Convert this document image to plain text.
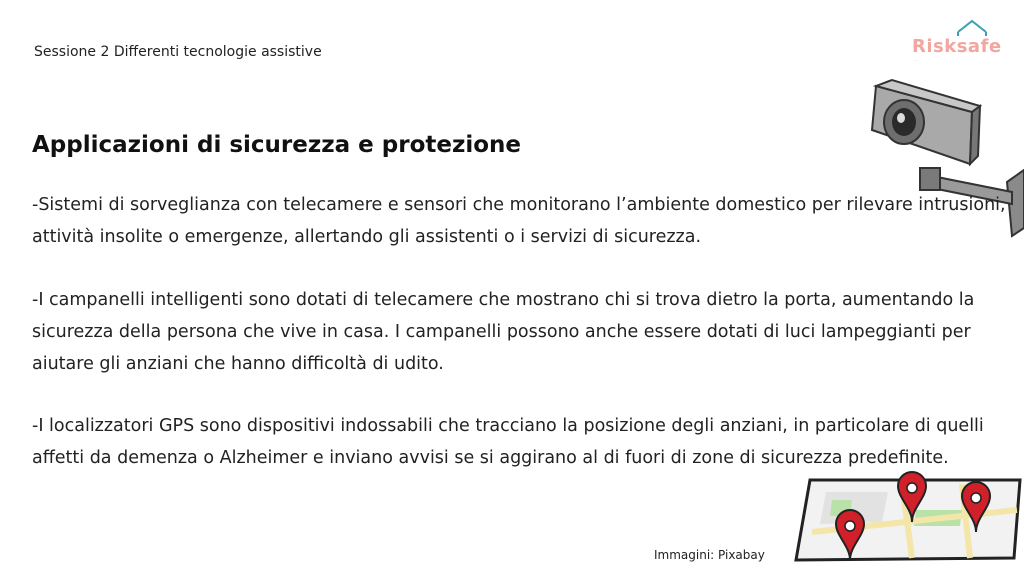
Sessione 2 Differenti tecnologie assistive	Risksafe
—
Applicazioni di sicurezza e protezione
-Sistemi di sorveglianza con telecamere e sensori che monitorano l’ambiente domestico per rilevare intrusioni, attività insolite o emergenze, allertando gli assistenti o i servizi di sicurezza.
-I campanelli intelligenti sono dotati di telecamere che mostrano chi si trova dietro la porta, aumentando la sicurezza della persona che vive in casa. I campanelli possono anche essere dotati di luci lampeggianti per aiutare gli anziani che hanno difficoltà di udito.
-I localizzatori GPS sono dispositivi indossabili che tracciano la posizione degli anziani, in particolare di quelli affetti da demenza o Alzheimer e inviano avvisi se si aggirano al di fuori di zone di sicurezza predefinite.
Immagini: Pixabay
